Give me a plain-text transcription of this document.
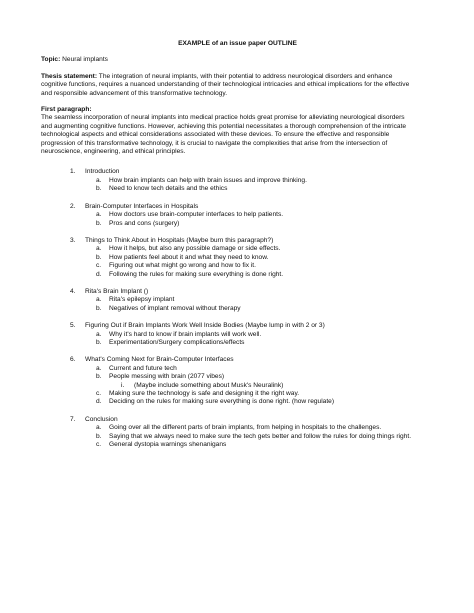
EXAMPLE of an issue paper OUTLINE
Topic: Neural implants
Thesis statement: The integration of neural implants, with their potential to address neurological disorders and enhance
cognitive functions, requires a nuanced understanding of their technological intricacies and ethical implications for the effective
and responsible advancement of this transformative technology.
First paragraph:
The seamless incorporation of neural implants into medical practice holds great promise for alleviating neurological disorders
and augmenting cognitive functions. However, achieving this potential necessitates a thorough comprehension of the intricate
technological aspects and ethical considerations associated with these devices. To ensure the effective and responsible
progression of this transformative technology, it is crucial to navigate the complexities that arise from the intersection of
neuroscience, engineering, and ethical principles.
1. Introduction
a. How brain implants can help with brain issues and improve thinking.
b. Need to know tech details and the ethics
2. Brain-Computer Interfaces in Hospitals
a. How doctors use brain-computer interfaces to help patients.
b. Pros and cons (surgery)
3. Things to Think About in Hospitals (Maybe burn this paragraph?)
a. How it helps, but also any possible damage or side effects.
b. How patients feel about it and what they need to know.
c. Figuring out what might go wrong and how to fix it.
d. Following the rules for making sure everything is done right.
4. Rita's Brain Implant ()
a. Rita's epilepsy implant
b. Negatives of implant removal without therapy
5. Figuring Out if Brain Implants Work Well Inside Bodies (Maybe lump in with 2 or 3)
a. Why it's hard to know if brain implants will work well.
b. Experimentation/Surgery complications/effects
6. What's Coming Next for Brain-Computer Interfaces
a. Current and future tech
b. People messing with brain (2077 vibes)
i. (Maybe include something about Musk's Neuralink)
c. Making sure the technology is safe and designing it the right way.
d. Deciding on the rules for making sure everything is done right. (how regulate)
7. Conclusion
a. Going over all the different parts of brain implants, from helping in hospitals to the challenges.
b. Saying that we always need to make sure the tech gets better and follow the rules for doing things right.
c. General dystopia warnings shenanigans
